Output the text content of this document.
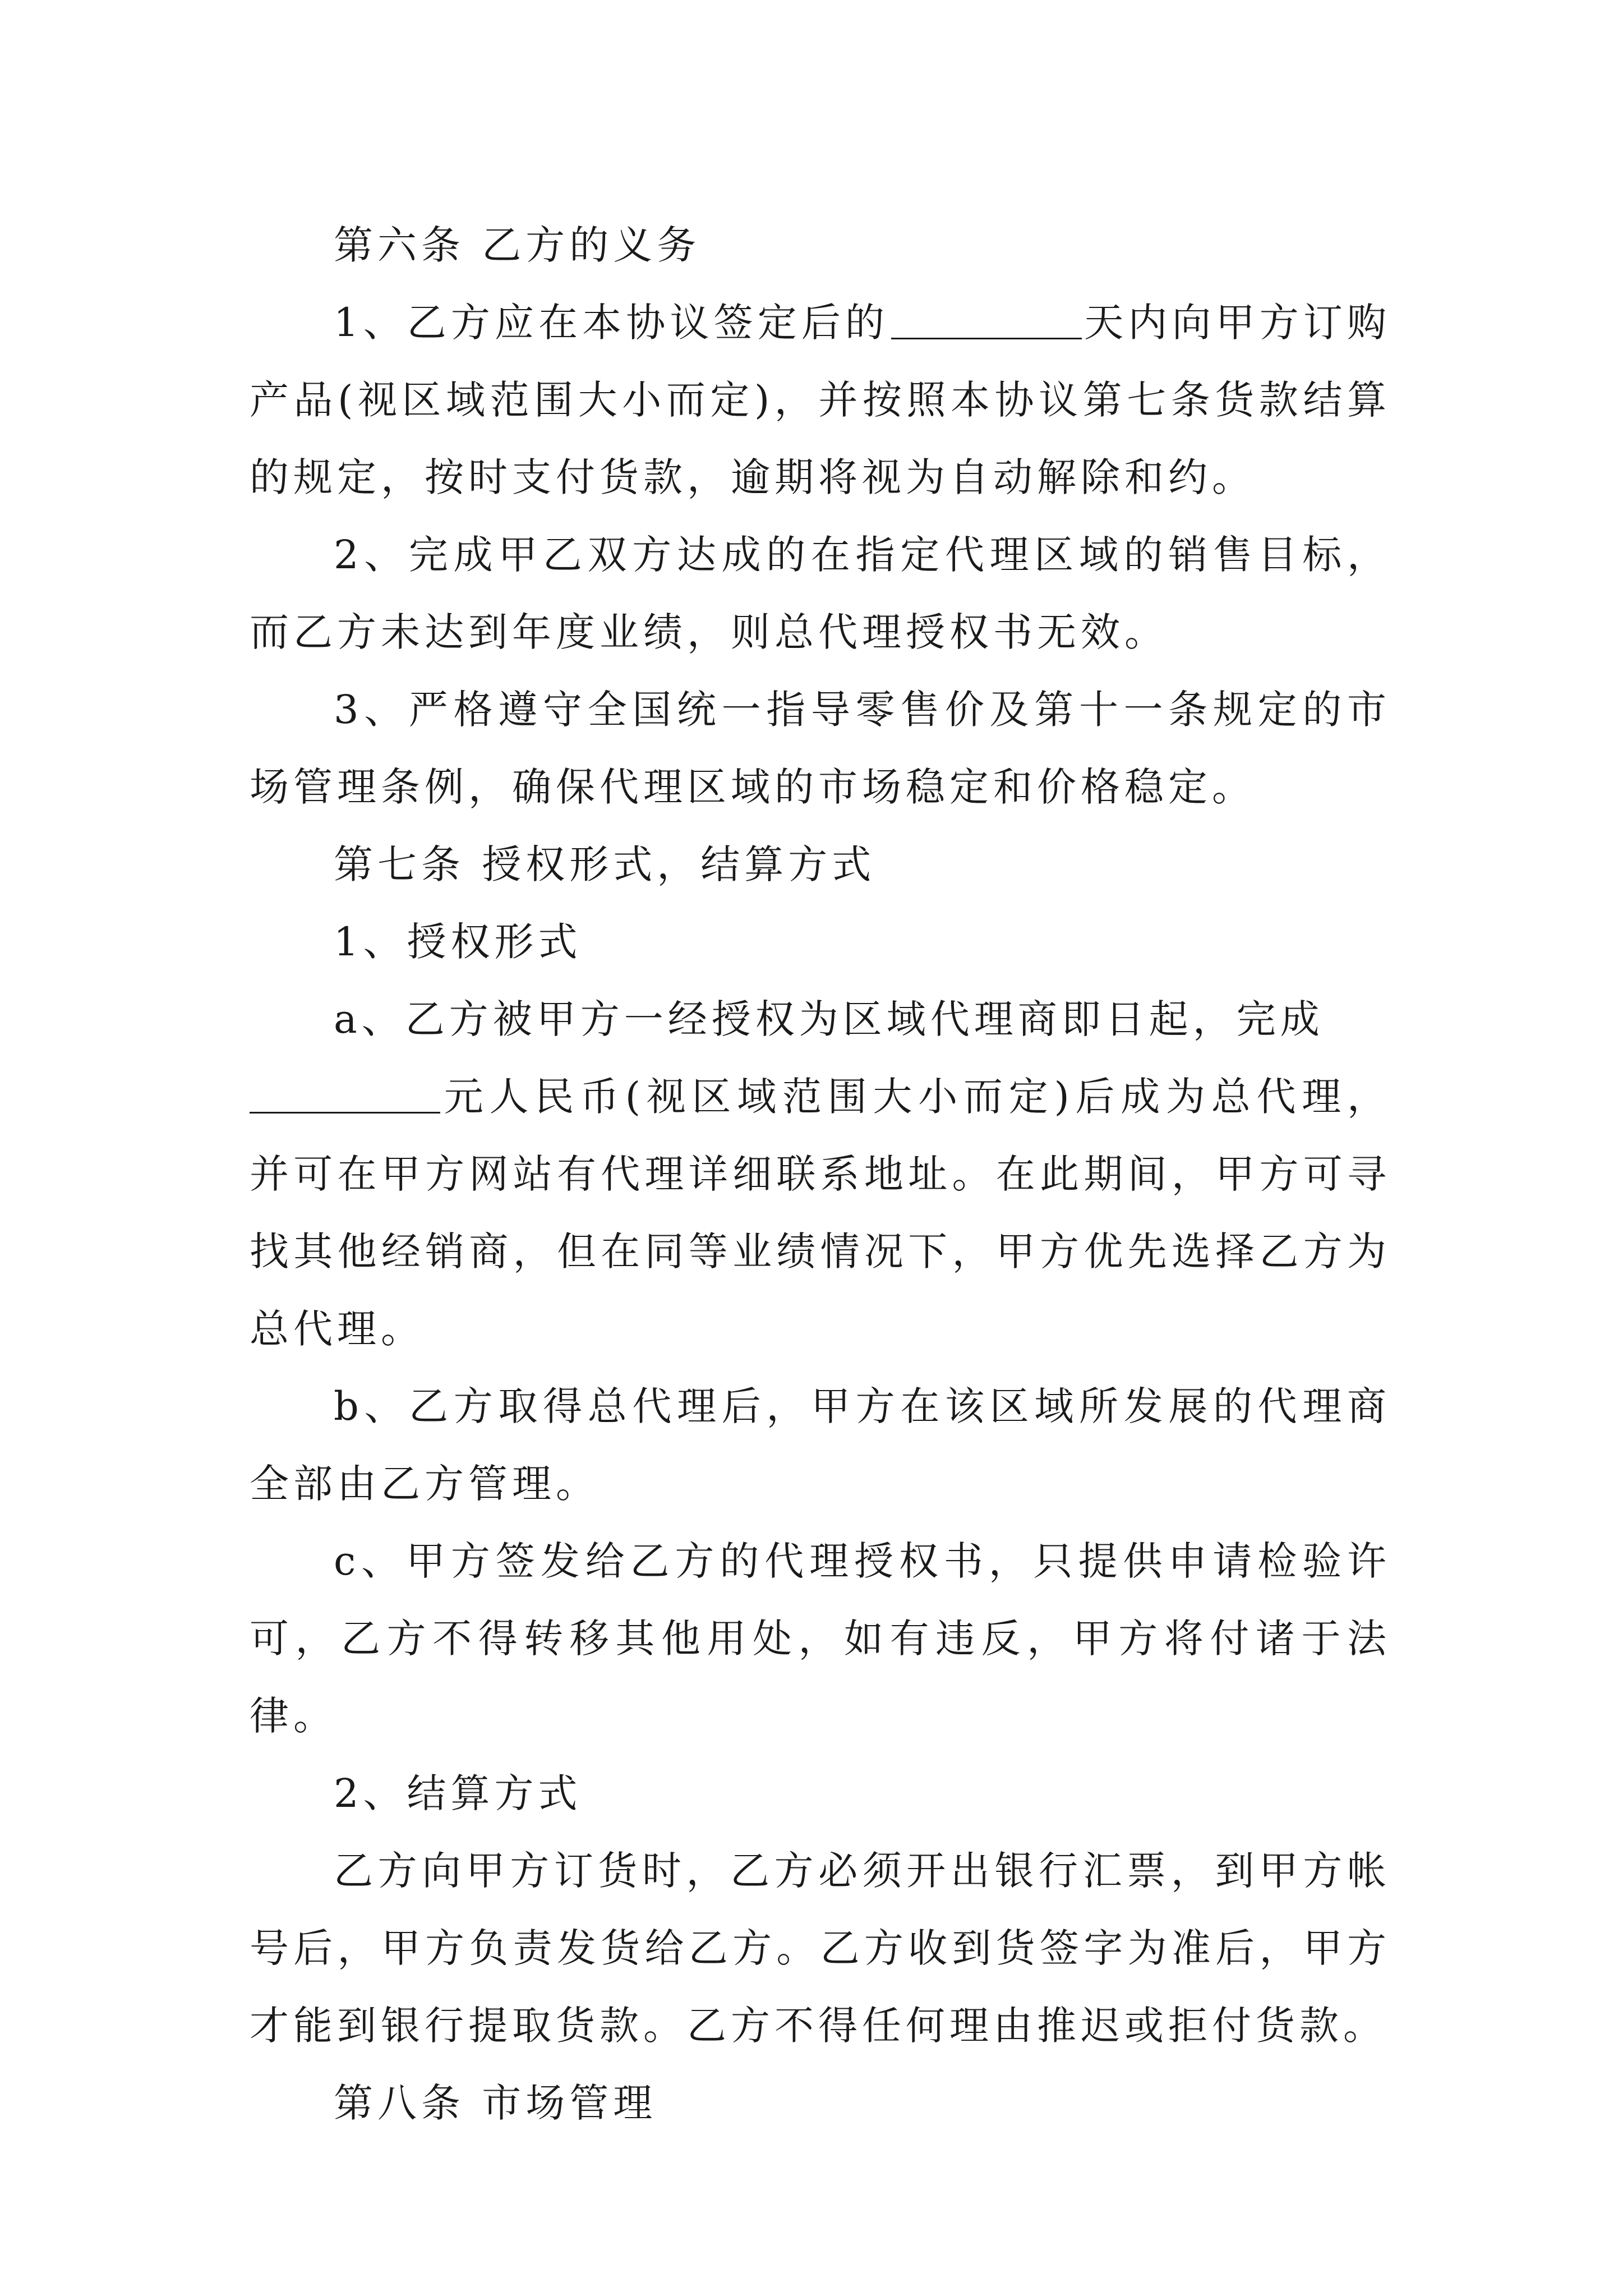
第六条 乙方的义务

1、乙方应在本协议签定后的	天内向甲方订购产品(视区域范围大小而定)，并按照本协议第七条货款结算的规定，按时支付货款，逾期将视为自动解除和约。

2、完成甲乙双方达成的在指定代理区域的销售目标，而乙方未达到年度业绩，则总代理授权书无效。

3、严格遵守全国统一指导零售价及第十一条规定的市场管理条例，确保代理区域的市场稳定和价格稳定。

第七条 授权形式，结算方式

1、授权形式

a、乙方被甲方一经授权为区域代理商即日起，完成
元人民币(视区域范围大小而定)后成为总代理，并可在甲方网站有代理详细联系地址。在此期间，甲方可寻找其他经销商，但在同等业绩情况下，甲方优先选择乙方为总代理。

b、乙方取得总代理后，甲方在该区域所发展的代理商全部由乙方管理。

c、甲方签发给乙方的代理授权书，只提供申请检验许可，乙方不得转移其他用处，如有违反，甲方将付诸于法律。

2、结算方式

乙方向甲方订货时，乙方必须开出银行汇票，到甲方帐号后，甲方负责发货给乙方。乙方收到货签字为准后，甲方才能到银行提取货款。乙方不得任何理由推迟或拒付货款。

第八条 市场管理
